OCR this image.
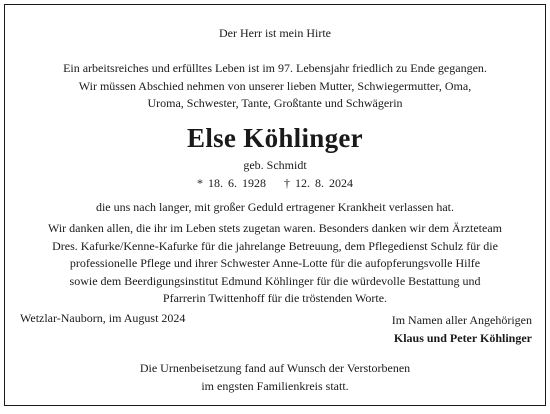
Der Herr ist mein Hirte
Ein arbeitsreiches und erfülltes Leben ist im 97. Lebensjahr friedlich zu Ende gegangen.
Wir müssen Abschied nehmen von unserer lieben Mutter, Schwiegermutter, Oma,
Uroma, Schwester, Tante, Großtante und Schwägerin
Else Köhlinger
geb. Schmidt
* 18. 6. 1928 † 12. 8. 2024
die uns nach langer, mit großer Geduld ertragener Krankheit verlassen hat.
Wir danken allen, die ihr im Leben stets zugetan waren. Besonders danken wir dem Ärzteteam
Dres. Kafurke/Kenne-Kafurke für die jahrelange Betreuung, dem Pflegedienst Schulz für die
professionelle Pflege und ihrer Schwester Anne-Lotte für die aufopferungsvolle Hilfe
sowie dem Beerdigungsinstitut Edmund Köhlinger für die würdevolle Bestattung und
Pfarrerin Twittenhoff für die tröstenden Worte.
Wetzlar-Nauborn, im August 2024	Im Namen aller Angehörigen
Klaus und Peter Köhlinger
Die Urnenbeisetzung fand auf Wunsch der Verstorbenen
im engsten Familienkreis statt.
